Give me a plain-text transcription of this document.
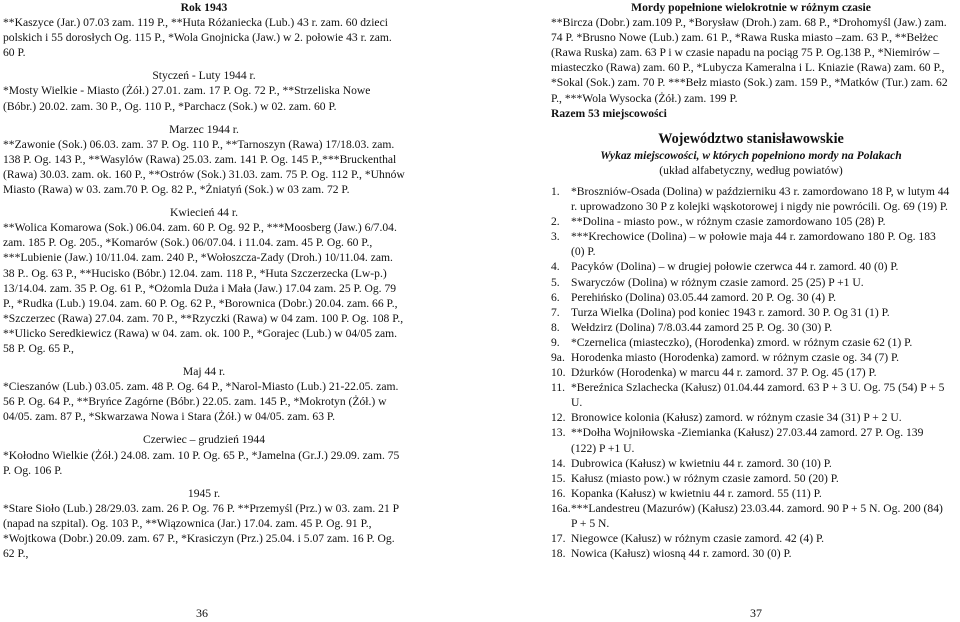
Rok 1943

**Kaszyce (Jar.) 07.03 zam. 119 P., **Huta Różaniecka (Lub.) 43 r. zam. 60 dzieci polskich i 55 dorosłych Og. 115 P., *Wola Gnojnicka (Jaw.) w 2. połowie 43 r. zam. 60 P.

Styczeń - Luty 1944 r.

*Mosty Wielkie - Miasto (Żół.) 27.01. zam. 17 P. Og. 72 P., **Strzeliska Nowe (Bóbr.) 20.02. zam. 30 P., Og. 110 P., *Parchacz (Sok.) w 02. zam. 60 P.

Marzec 1944 r.

**Zawonie (Sok.) 06.03. zam. 37 P. Og. 110 P., **Tarnoszyn (Rawa) 17/18.03. zam. 138 P. Og. 143 P., **Wasylów (Rawa) 25.03. zam. 141 P. Og. 145 P.,***Bruckenthal (Rawa) 30.03. zam. ok. 160 P., **Ostrów (Sok.) 31.03. zam. 75 P. Og. 112 P., *Uhnów Miasto (Rawa) w 03. zam.70 P. Og. 82 P., *Żniatyń (Sok.) w 03 zam. 72 P.

Kwiecień 44 r.

**Wolica Komarowa (Sok.) 06.04. zam. 60 P. Og. 92 P., ***Moosberg (Jaw.) 6/7.04. zam. 185 P. Og. 205., *Komarów (Sok.) 06/07.04. i 11.04. zam. 45 P. Og. 60 P., ***Lubienie (Jaw.) 10/11.04. zam. 240 P., *Wołoszcza-Zady (Droh.) 10/11.04. zam. 38 P.. Og. 63 P., **Hucisko (Bóbr.) 12.04. zam. 118 P., *Huta Szczerzecka (Lw-p.) 13/14.04. zam. 35 P. Og. 61 P., *Ożomla Duża i Mała (Jaw.) 17.04 zam. 25 P. Og. 79 P., *Rudka (Lub.) 19.04. zam. 60 P. Og. 62 P., *Borownica (Dobr.) 20.04. zam. 66 P., *Szczerzec (Rawa) 27.04. zam. 70 P., **Rzyczki (Rawa) w 04 zam. 100 P. Og. 108 P., **Ulicko Seredkiewicz (Rawa) w 04. zam. ok. 100 P., *Gorajec (Lub.) w 04/05 zam. 58 P. Og. 65 P.,

Maj 44 r.

*Cieszanów (Lub.) 03.05. zam. 48 P. Og. 64 P., *Narol-Miasto (Lub.) 21-22.05. zam. 56 P. Og. 64 P., **Bryńce Zagórne (Bóbr.) 22.05. zam. 145 P., *Mokrotyn (Żół.) w 04/05. zam. 87 P., *Skwarzawa Nowa i Stara (Żół.) w 04/05. zam. 63 P.

Czerwiec – grudzień 1944

*Kołodno Wielkie (Żół.) 24.08. zam. 10 P. Og. 65 P., *Jamelna (Gr.J.) 29.09. zam. 75 P. Og. 106 P.

1945 r.

*Stare Sioło (Lub.) 28/29.03. zam. 26 P. Og. 76 P. **Przemyśl (Prz.) w 03. zam. 21 P (napad na szpital). Og. 103 P., **Wiązownica (Jar.) 17.04. zam. 45 P. Og. 91 P., *Wojtkowa (Dobr.) 20.09. zam. 67 P., *Krasiczyn (Prz.) 25.04. i 5.07 zam. 16 P. Og. 62 P.,

36

Mordy popełnione wielokrotnie w różnym czasie

**Bircza (Dobr.) zam.109 P., *Borysław (Droh.) zam. 68 P., *Drohomyśl (Jaw.) zam. 74 P. *Brusno Nowe (Lub.) zam. 61 P., *Rawa Ruska miasto –zam. 63 P., **Bełżec (Rawa Ruska) zam. 63 P i w czasie napadu na pociąg 75 P. Og.138 P., *Niemirów – miasteczko (Rawa) zam. 60 P., *Lubycza Kameralna i L. Kniazie (Rawa) zam. 60 P., *Sokal (Sok.) zam. 70 P. ***Bełz miasto (Sok.) zam. 159 P., *Matków (Tur.) zam. 62 P., ***Wola Wysocka (Żół.) zam. 199 P.

Razem 53 miejscowości

Województwo stanisławowskie

Wykaz miejscowości, w których popełniono mordy na Polakach

(układ alfabetyczny, według powiatów)

1. *Broszniów-Osada (Dolina) w październiku 43 r. zamordowano 18 P, w lutym 44 r. uprowadzono 30 P z kolejki wąskotorowej i nigdy nie powrócili. Og. 69 (19) P.
2. **Dolina - miasto pow., w różnym czasie zamordowano 105 (28) P.
3. ***Krechowice (Dolina) – w połowie maja 44 r. zamordowano 180 P. Og. 183 (0) P.
4. Pacyków (Dolina) – w drugiej połowie czerwca 44 r. zamord. 40 (0) P.
5. Swaryczów (Dolina) w różnym czasie zamord. 25 (25) P +1 U.
6. Perehińsko (Dolina) 03.05.44 zamord. 20 P. Og. 30 (4) P.
7. Turza Wielka (Dolina) pod koniec 1943 r. zamord. 30 P. Og 31 (1) P.
8. Wełdzirz (Dolina) 7/8.03.44 zamord 25 P. Og. 30 (30) P.
9. *Czernelica (miasteczko), (Horodenka) zmord. w różnym czasie 62 (1) P.
9a. Horodenka miasto (Horodenka) zamord. w różnym czasie og. 34 (7) P.
10. Dżurków (Horodenka) w marcu 44 r. zamord. 37 P. Og. 45 (17) P.
11. *Bereźnica Szlachecka (Kałusz) 01.04.44 zamord. 63 P + 3 U. Og. 75 (54) P + 5 U.
12. Bronowice kolonia (Kałusz) zamord. w różnym czasie 34 (31) P + 2 U.
13. **Dołha Wojniłowska -Ziemianka (Kałusz) 27.03.44 zamord. 27 P. Og. 139 (122) P +1 U.
14. Dubrowica (Kałusz) w kwietniu 44 r. zamord. 30 (10) P.
15. Kałusz (miasto pow.) w różnym czasie zamord. 50 (20) P.
16. Kopanka (Kałusz) w kwietniu 44 r. zamord. 55 (11) P.
16a. ***Landestreu (Mazurów) (Kałusz) 23.03.44. zamord. 90 P + 5 N. Og. 200 (84) P + 5 N.
17. Niegowce (Kałusz) w różnym czasie zamord. 42 (4) P.
18. Nowica (Kałusz) wiosną 44 r. zamord. 30 (0) P.
37
